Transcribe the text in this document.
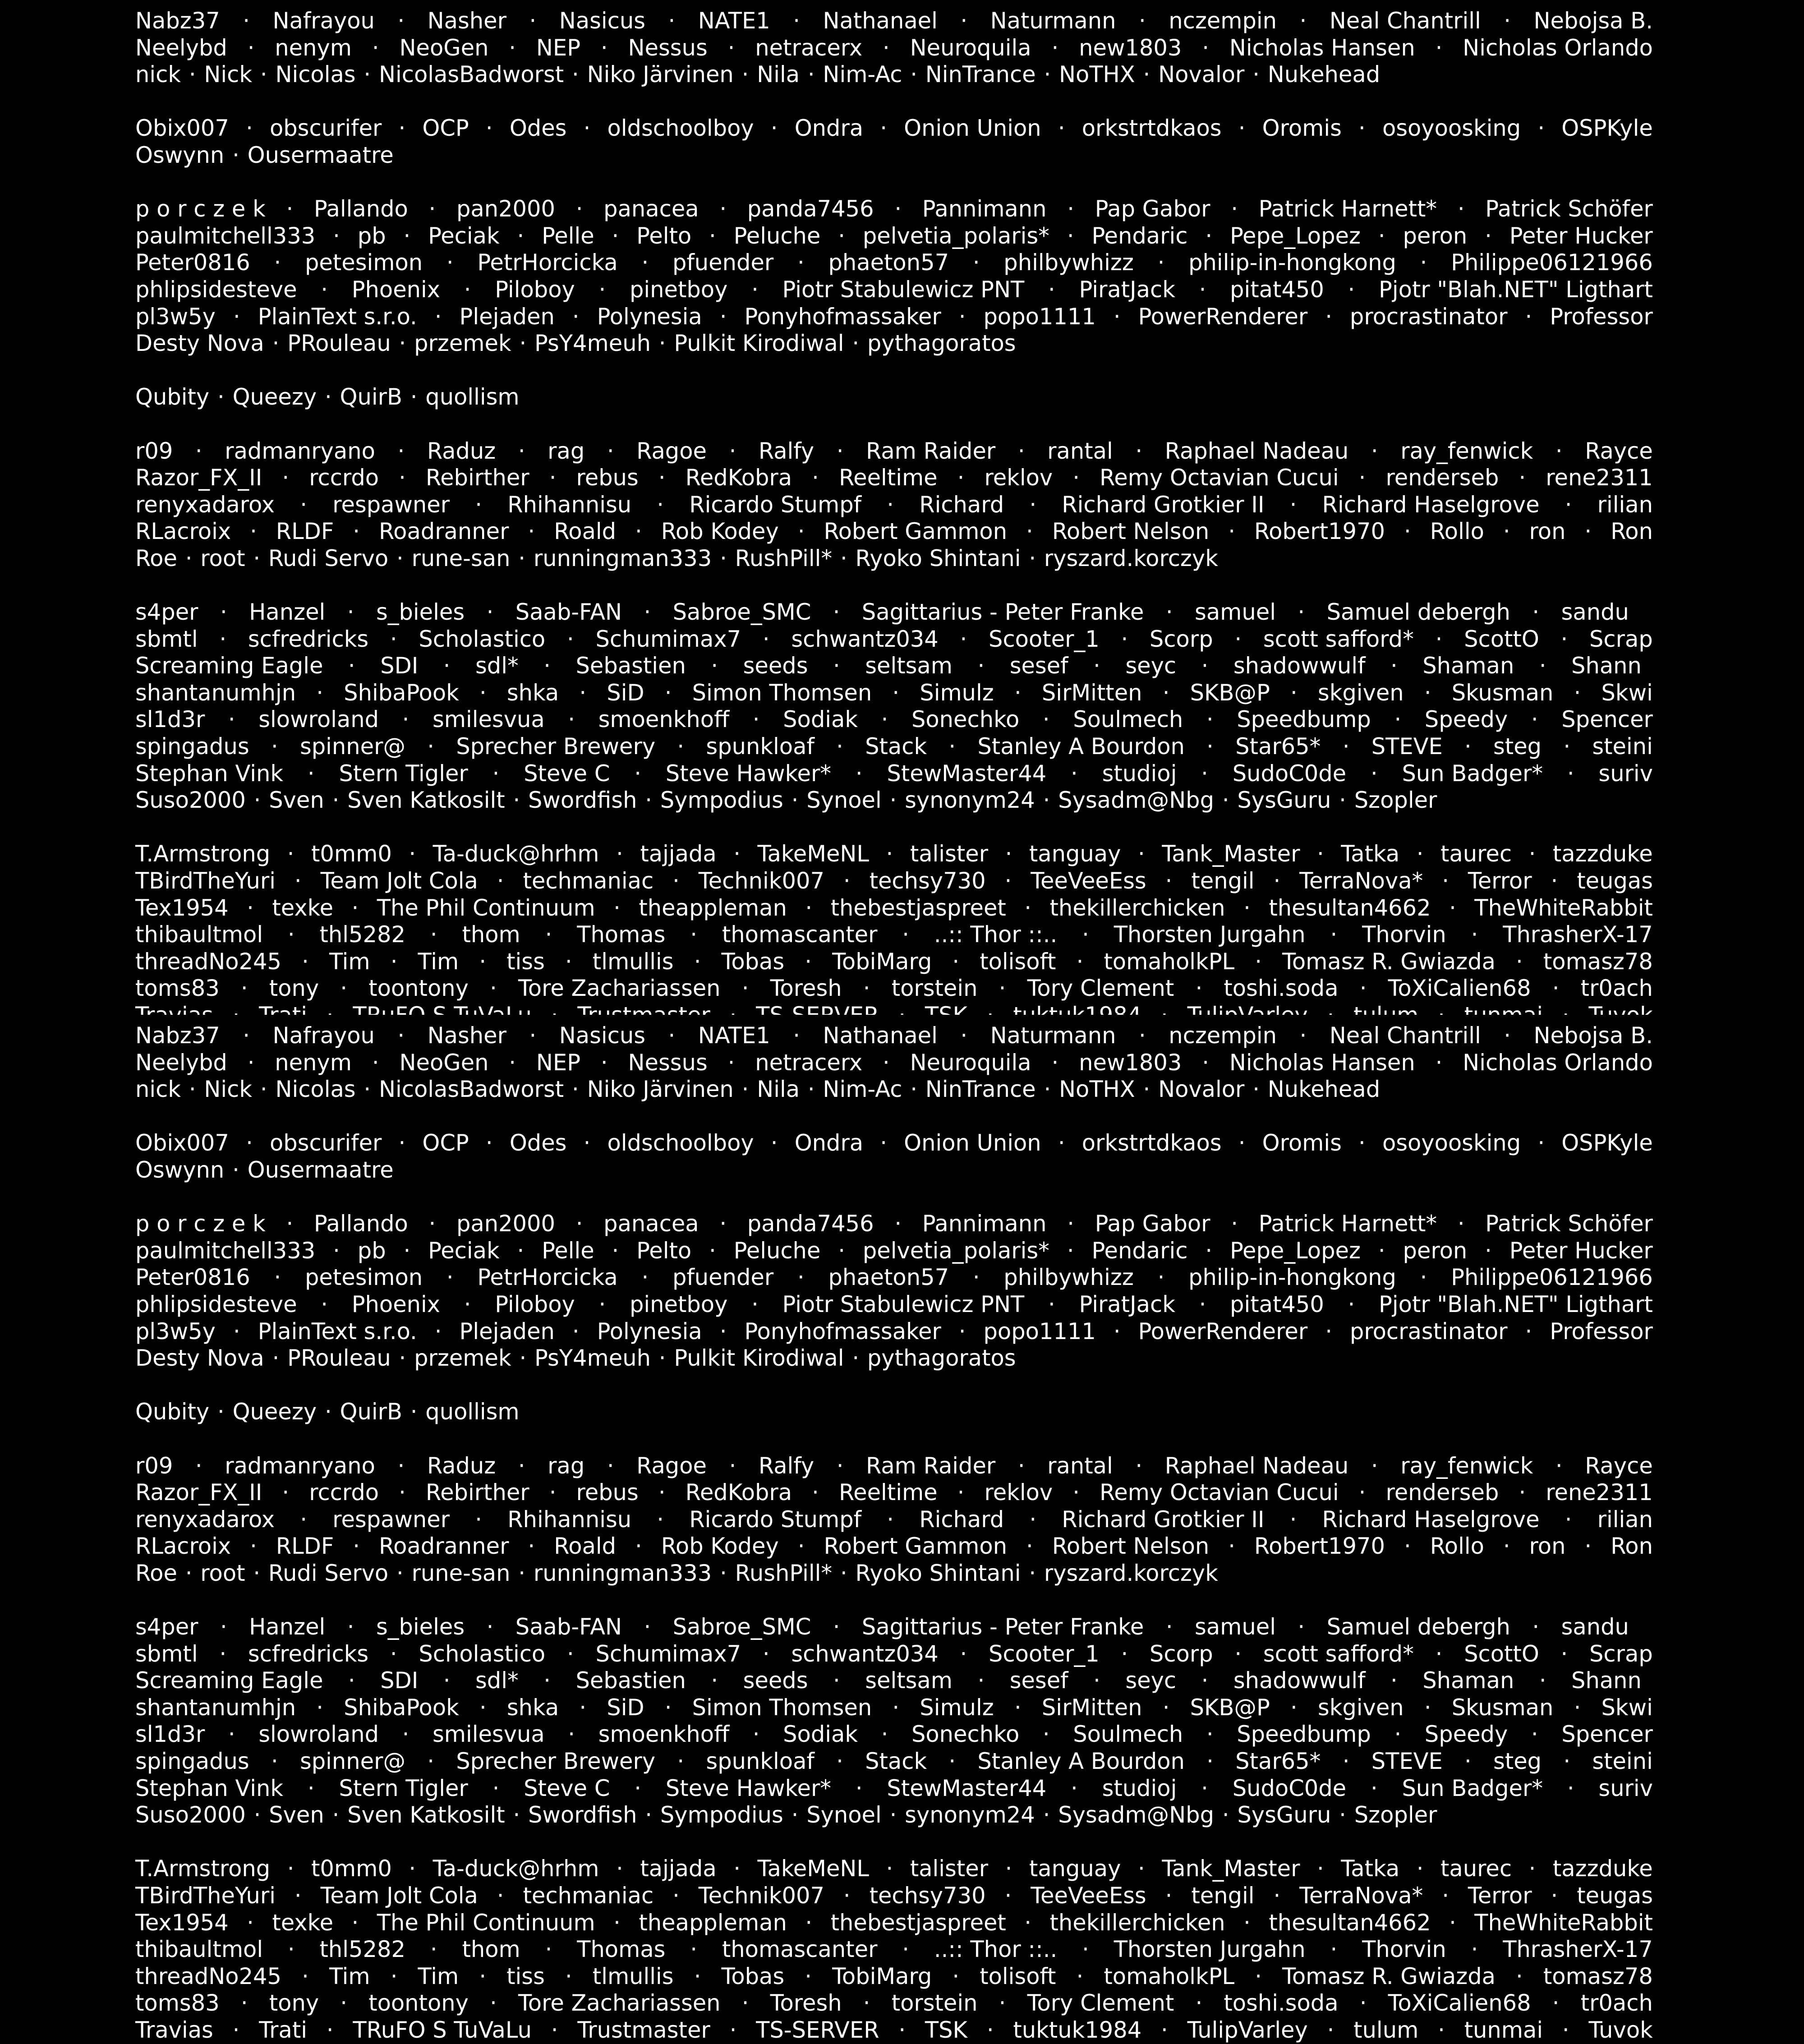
Nabz37 · Nafrayou · Nasher · Nasicus · NATE1 · Nathanael · Naturmann · nczempin · Neal Chantrill · Nebojsa B.
Neelybd · nenym · NeoGen · NEP · Nessus · netracerx · Neuroquila · new1803 · Nicholas Hansen · Nicholas Orlando
nick · Nick · Nicolas · NicolasBadworst · Niko Järvinen · Nila · Nim-Ac · NinTrance · NoTHX · Novalor · Nukehead
Obix007 · obscurifer · OCP · Odes · oldschoolboy · Ondra · Onion Union · orkstrtdkaos · Oromis · osoyoosking · OSPKyle
Oswynn · Ousermaatre
p o r c z e k · Pallando · pan2000 · panacea · panda7456 · Pannimann · Pap Gabor · Patrick Harnett* · Patrick Schöfer
paulmitchell333 · pb · Peciak · Pelle · Pelto · Peluche · pelvetia_polaris* · Pendaric · Pepe_Lopez · peron · Peter Hucker
Peter0816 · petesimon · PetrHorcicka · pfuender · phaeton57 · philbywhizz · philip-in-hongkong · Philippe06121966
phlipsidesteve · Phoenix · Piloboy · pinetboy · Piotr Stabulewicz PNT · PiratJack · pitat450 · Pjotr "Blah.NET" Ligthart
pl3w5y · PlainText s.r.o. · Plejaden · Polynesia · Ponyhofmassaker · popo1111 · PowerRenderer · procrastinator · Professor
Desty Nova · PRouleau · przemek · PsY4meuh · Pulkit Kirodiwal · pythagoratos
Qubity · Queezy · QuirB · quollism
r09 · radmanryano · Raduz · rag · Ragoe · Ralfy · Ram Raider · rantal · Raphael Nadeau · ray_fenwick · Rayce
Razor_FX_II · rccrdo · Rebirther · rebus · RedKobra · Reeltime · reklov · Remy Octavian Cucui · renderseb · rene2311
renyxadarox · respawner · Rhihannisu · Ricardo Stumpf · Richard · Richard Grotkier II · Richard Haselgrove · rilian
RLacroix · RLDF · Roadranner · Roald · Rob Kodey · Robert Gammon · Robert Nelson · Robert1970 · Rollo · ron · Ron
Roe · root · Rudi Servo · rune-san · runningman333 · RushPill* · Ryoko Shintani · ryszard.korczyk
s4per · Hanzel · s_bieles · Saab-FAN · Sabroe_SMC · Sagittarius - Peter Franke · samuel · Samuel debergh · sandu
sbmtl · scfredricks · Scholastico · Schumimax7 · schwantz034 · Scooter_1 · Scorp · scott safford* · ScottO · Scrap
Screaming Eagle · SDI · sdl* · Sebastien · seeds · seltsam · sesef · seyc · shadowwulf · Shaman · Shann
shantanumhjn · ShibaPook · shka · SiD · Simon Thomsen · Simulz · SirMitten · SKB@P · skgiven · Skusman · Skwi
sl1d3r · slowroland · smilesvua · smoenkhoff · Sodiak · Sonechko · Soulmech · Speedbump · Speedy · Spencer
spingadus · spinner@ · Sprecher Brewery · spunkloaf · Stack · Stanley A Bourdon · Star65* · STEVE · steg · steini
Stephan Vink · Stern Tigler · Steve C · Steve Hawker* · StewMaster44 · studioj · SudoC0de · Sun Badger* · suriv
Suso2000 · Sven · Sven Katkosilt · Swordfish · Sympodius · Synoel · synonym24 · Sysadm@Nbg · SysGuru · Szopler
T.Armstrong · t0mm0 · Ta-duck@hrhm · tajjada · TakeMeNL · talister · tanguay · Tank_Master · Tatka · taurec · tazzduke
TBirdTheYuri · Team Jolt Cola · techmaniac · Technik007 · techsy730 · TeeVeeEss · tengil · TerraNova* · Terror · teugas
Tex1954 · texke · The Phil Continuum · theappleman · thebestjaspreet · thekillerchicken · thesultan4662 · TheWhiteRabbit
thibaultmol · thl5282 · thom · Thomas · thomascanter · ..:: Thor ::.. · Thorsten Jurgahn · Thorvin · ThrasherX-17
threadNo245 · Tim · Tim · tiss · tlmullis · Tobas · TobiMarg · tolisoft · tomaholkPL · Tomasz R. Gwiazda · tomasz78
toms83 · tony · toontony · Tore Zachariassen · Toresh · torstein · Tory Clement · toshi.soda · ToXiCalien68 · tr0ach
Nabz37 · Nafrayou · Nasher · Nasicus · NATE1 · Nathanael · Naturmann · nczempin · Neal Chantrill · Nebojsa B.
Neelybd · nenym · NeoGen · NEP · Nessus · netracerx · Neuroquila · new1803 · Nicholas Hansen · Nicholas Orlando
nick · Nick · Nicolas · NicolasBadworst · Niko Järvinen · Nila · Nim-Ac · NinTrance · NoTHX · Novalor · Nukehead
Obix007 · obscurifer · OCP · Odes · oldschoolboy · Ondra · Onion Union · orkstrtdkaos · Oromis · osoyoosking · OSPKyle
Oswynn · Ousermaatre
p o r c z e k · Pallando · pan2000 · panacea · panda7456 · Pannimann · Pap Gabor · Patrick Harnett* · Patrick Schöfer
paulmitchell333 · pb · Peciak · Pelle · Pelto · Peluche · pelvetia_polaris* · Pendaric · Pepe_Lopez · peron · Peter Hucker
Peter0816 · petesimon · PetrHorcicka · pfuender · phaeton57 · philbywhizz · philip-in-hongkong · Philippe06121966
phlipsidesteve · Phoenix · Piloboy · pinetboy · Piotr Stabulewicz PNT · PiratJack · pitat450 · Pjotr "Blah.NET" Ligthart
pl3w5y · PlainText s.r.o. · Plejaden · Polynesia · Ponyhofmassaker · popo1111 · PowerRenderer · procrastinator · Professor
Desty Nova · PRouleau · przemek · PsY4meuh · Pulkit Kirodiwal · pythagoratos
Qubity · Queezy · QuirB · quollism
r09 · radmanryano · Raduz · rag · Ragoe · Ralfy · Ram Raider · rantal · Raphael Nadeau · ray_fenwick · Rayce
Razor_FX_II · rccrdo · Rebirther · rebus · RedKobra · Reeltime · reklov · Remy Octavian Cucui · renderseb · rene2311
renyxadarox · respawner · Rhihannisu · Ricardo Stumpf · Richard · Richard Grotkier II · Richard Haselgrove · rilian
RLacroix · RLDF · Roadranner · Roald · Rob Kodey · Robert Gammon · Robert Nelson · Robert1970 · Rollo · ron · Ron
Roe · root · Rudi Servo · rune-san · runningman333 · RushPill* · Ryoko Shintani · ryszard.korczyk
s4per · Hanzel · s_bieles · Saab-FAN · Sabroe_SMC · Sagittarius - Peter Franke · samuel · Samuel debergh · sandu
sbmtl · scfredricks · Scholastico · Schumimax7 · schwantz034 · Scooter_1 · Scorp · scott safford* · ScottO · Scrap
Screaming Eagle · SDI · sdl* · Sebastien · seeds · seltsam · sesef · seyc · shadowwulf · Shaman · Shann
shantanumhjn · ShibaPook · shka · SiD · Simon Thomsen · Simulz · SirMitten · SKB@P · skgiven · Skusman · Skwi
sl1d3r · slowroland · smilesvua · smoenkhoff · Sodiak · Sonechko · Soulmech · Speedbump · Speedy · Spencer
spingadus · spinner@ · Sprecher Brewery · spunkloaf · Stack · Stanley A Bourdon · Star65* · STEVE · steg · steini
Stephan Vink · Stern Tigler · Steve C · Steve Hawker* · StewMaster44 · studioj · SudoC0de · Sun Badger* · suriv
Suso2000 · Sven · Sven Katkosilt · Swordfish · Sympodius · Synoel · synonym24 · Sysadm@Nbg · SysGuru · Szopler
T.Armstrong · t0mm0 · Ta-duck@hrhm · tajjada · TakeMeNL · talister · tanguay · Tank_Master · Tatka · taurec · tazzduke
TBirdTheYuri · Team Jolt Cola · techmaniac · Technik007 · techsy730 · TeeVeeEss · tengil · TerraNova* · Terror · teugas
Tex1954 · texke · The Phil Continuum · theappleman · thebestjaspreet · thekillerchicken · thesultan4662 · TheWhiteRabbit
thibaultmol · thl5282 · thom · Thomas · thomascanter · ..:: Thor ::.. · Thorsten Jurgahn · Thorvin · ThrasherX-17
threadNo245 · Tim · Tim · tiss · tlmullis · Tobas · TobiMarg · tolisoft · tomaholkPL · Tomasz R. Gwiazda · tomasz78
toms83 · tony · toontony · Tore Zachariassen · Toresh · torstein · Tory Clement · toshi.soda · ToXiCalien68 · tr0ach
Travias · Trati · TRuFO S TuVaLu · Trustmaster · TS-SERVER · TSK · tuktuk1984 · TulipVarley · tulum · tunmai · Tuvok
